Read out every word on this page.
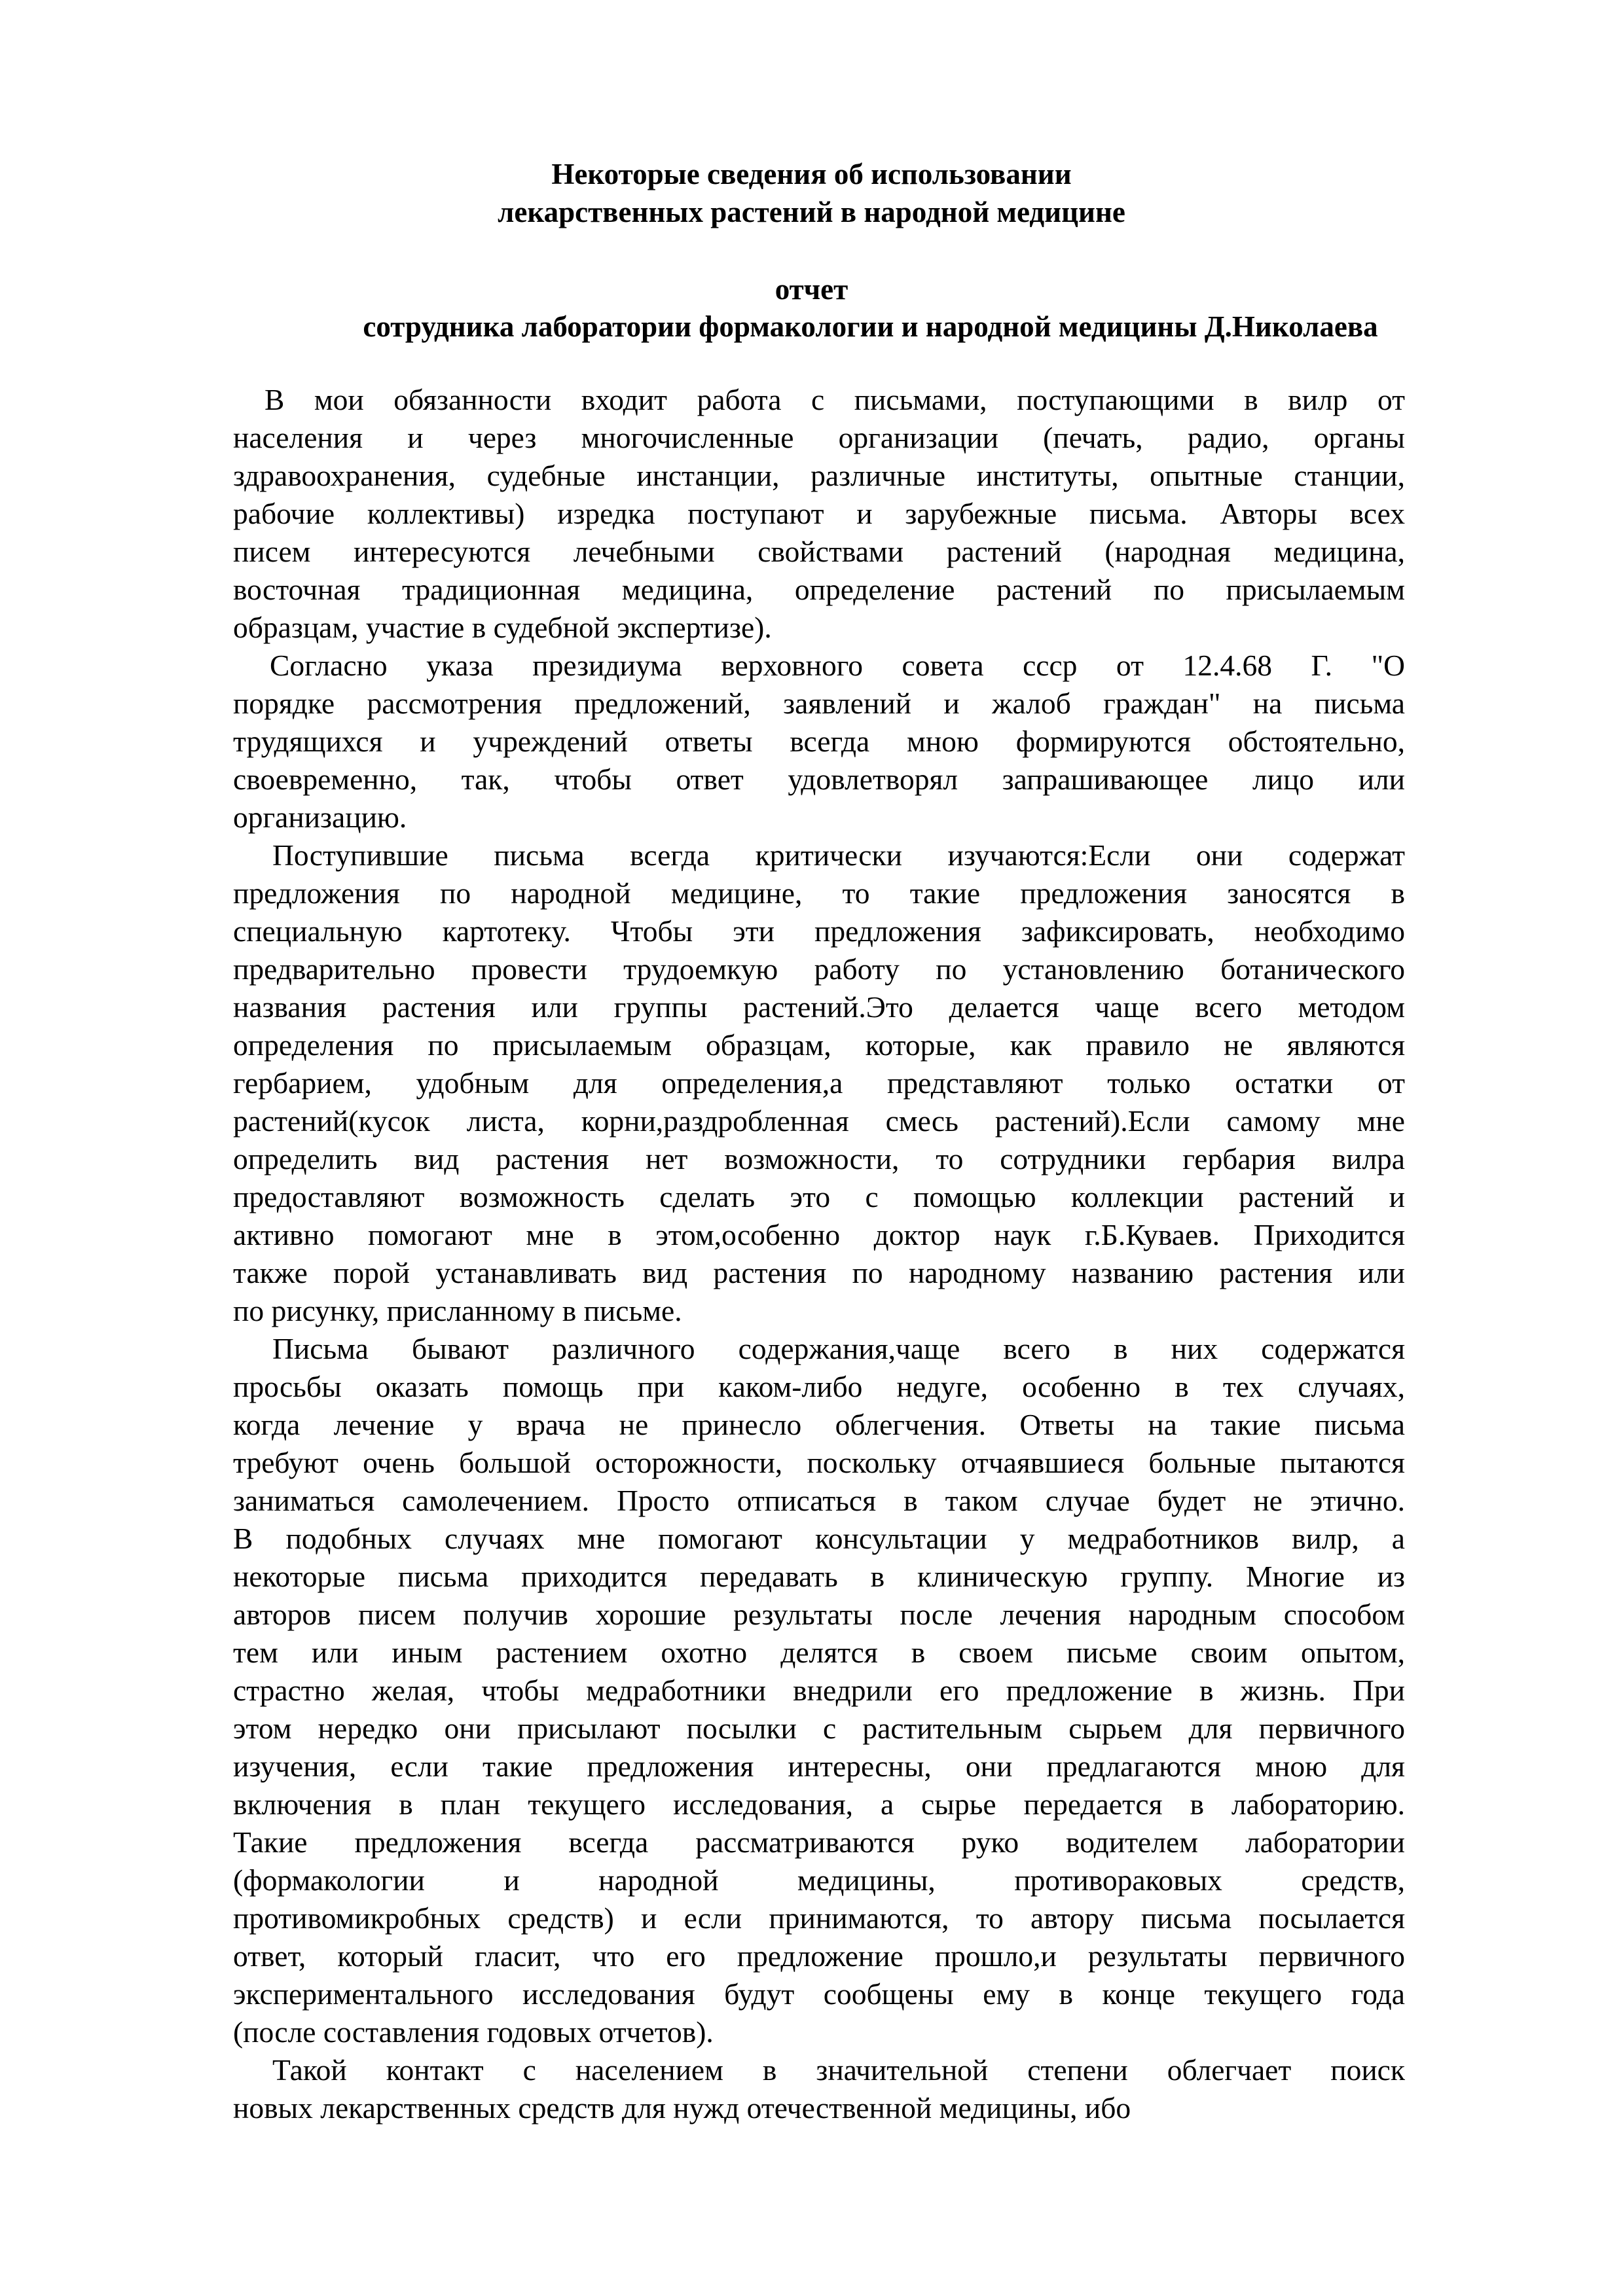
Некоторые сведения об использовании
лекарственных растений в народной медицине
отчет
сотрудника лаборатории формакологии и народной медицины Д.Николаева
В мои обязанности входит работа с письмами, поступающими в вилр от
населения и через многочисленные организации (печать, радио, органы
здравоохранения, судебные инстанции, различные институты, опытные станции,
рабочие коллективы) изредка поступают и зарубежные письма. Авторы всех
писем интересуются лечебными свойствами растений (народная медицина,
восточная традиционная медицина, определение растений по присылаемым
образцам, участие в судебной экспертизе).
Согласно указа президиума верховного совета ссср от 12.4.68 Г. "О
порядке рассмотрения предложений, заявлений и жалоб граждан" на письма
трудящихся и учреждений ответы всегда мною формируются обстоятельно,
своевременно, так, чтобы ответ удовлетворял запрашивающее лицо или
организацию.
Поступившие письма всегда критически изучаются:Если они содержат
предложения по народной медицине, то такие предложения заносятся в
специальную картотеку. Чтобы эти предложения зафиксировать, необходимо
предварительно провести трудоемкую работу по установлению ботанического
названия растения или группы растений.Это делается чаще всего методом
определения по присылаемым образцам, которые, как правило не являются
гербарием, удобным для определения,а представляют только остатки от
растений(кусок листа, корни,раздробленная смесь растений).Если самому мне
определить вид растения нет возможности, то сотрудники гербария вилра
предоставляют возможность сделать это с помощью коллекции растений и
активно помогают мне в этом,особенно доктор наук г.Б.Куваев. Приходится
также порой устанавливать вид растения по народному названию растения или
по рисунку, присланному в письме.
Письма бывают различного содержания,чаще всего в них содержатся
просьбы оказать помощь при каком-либо недуге, особенно в тех случаях,
когда лечение у врача не принесло облегчения. Ответы на такие письма
требуют очень большой осторожности, поскольку отчаявшиеся больные пытаются
заниматься самолечением. Просто отписаться в таком случае будет не этично.
В подобных случаях мне помогают консультации у медработников вилр, а
некоторые письма приходится передавать в клиническую группу. Многие из
авторов писем получив хорошие результаты после лечения народным способом
тем или иным растением охотно делятся в своем письме своим опытом,
страстно желая, чтобы медработники внедрили его предложение в жизнь. При
этом нередко они присылают посылки с растительным сырьем для первичного
изучения, если такие предложения интересны, они предлагаются мною для
включения в план текущего исследования, а сырье передается в лабораторию.
Такие предложения всегда рассматриваются руко водителем лаборатории
(формакологии и народной медицины, противораковых средств,
противомикробных средств) и если принимаются, то автору письма посылается
ответ, который гласит, что его предложение прошло,и результаты первичного
экспериментального исследования будут сообщены ему в конце текущего года
(после составления годовых отчетов).
Такой контакт с населением в значительной степени облегчает поиск
новых лекарственных средств для нужд отечественной медицины, ибо
